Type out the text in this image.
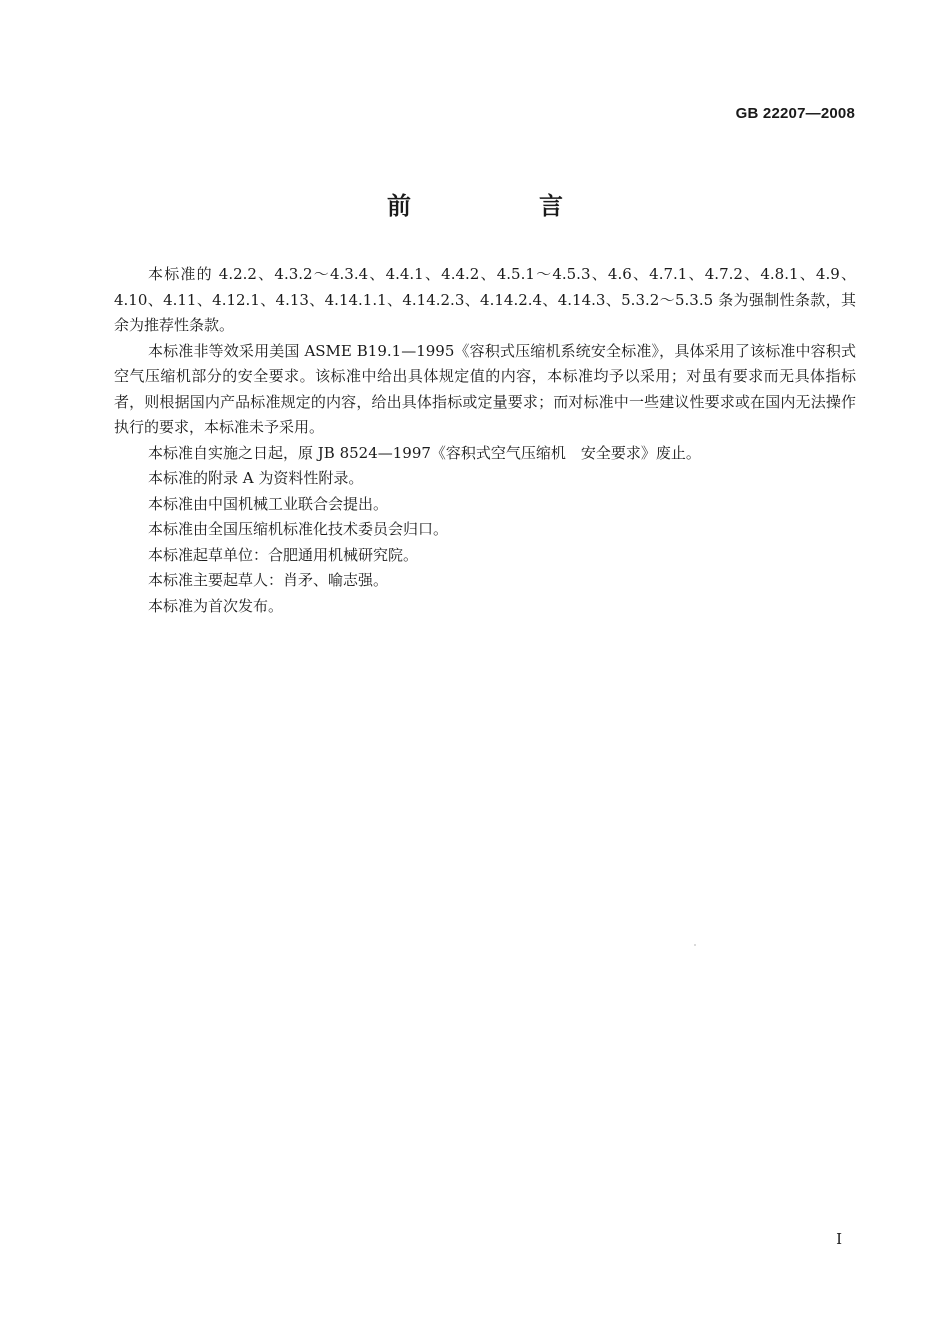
GB 22207—2008
前　言

本标准的 4.2.2、4.3.2～4.3.4、4.4.1、4.4.2、4.5.1～4.5.3、4.6、4.7.1、4.7.2、4.8.1、4.9、4.10、4.11、4.12.1、4.13、4.14.1.1、4.14.2.3、4.14.2.4、4.14.3、5.3.2～5.3.5 条为强制性条款，其余为推荐性条款。

本标准非等效采用美国 ASME B19.1—1995《容积式压缩机系统安全标准》，具体采用了该标准中容积式空气压缩机部分的安全要求。该标准中给出具体规定值的内容，本标准均予以采用；对虽有要求而无具体指标者，则根据国内产品标准规定的内容，给出具体指标或定量要求；而对标准中一些建议性要求或在国内无法操作执行的要求，本标准未予采用。

本标准自实施之日起，原 JB 8524—1997《容积式空气压缩机　安全要求》废止。

本标准的附录 A 为资料性附录。

本标准由中国机械工业联合会提出。

本标准由全国压缩机标准化技术委员会归口。

本标准起草单位：合肥通用机械研究院。

本标准主要起草人：肖矛、喻志强。

本标准为首次发布。

I
